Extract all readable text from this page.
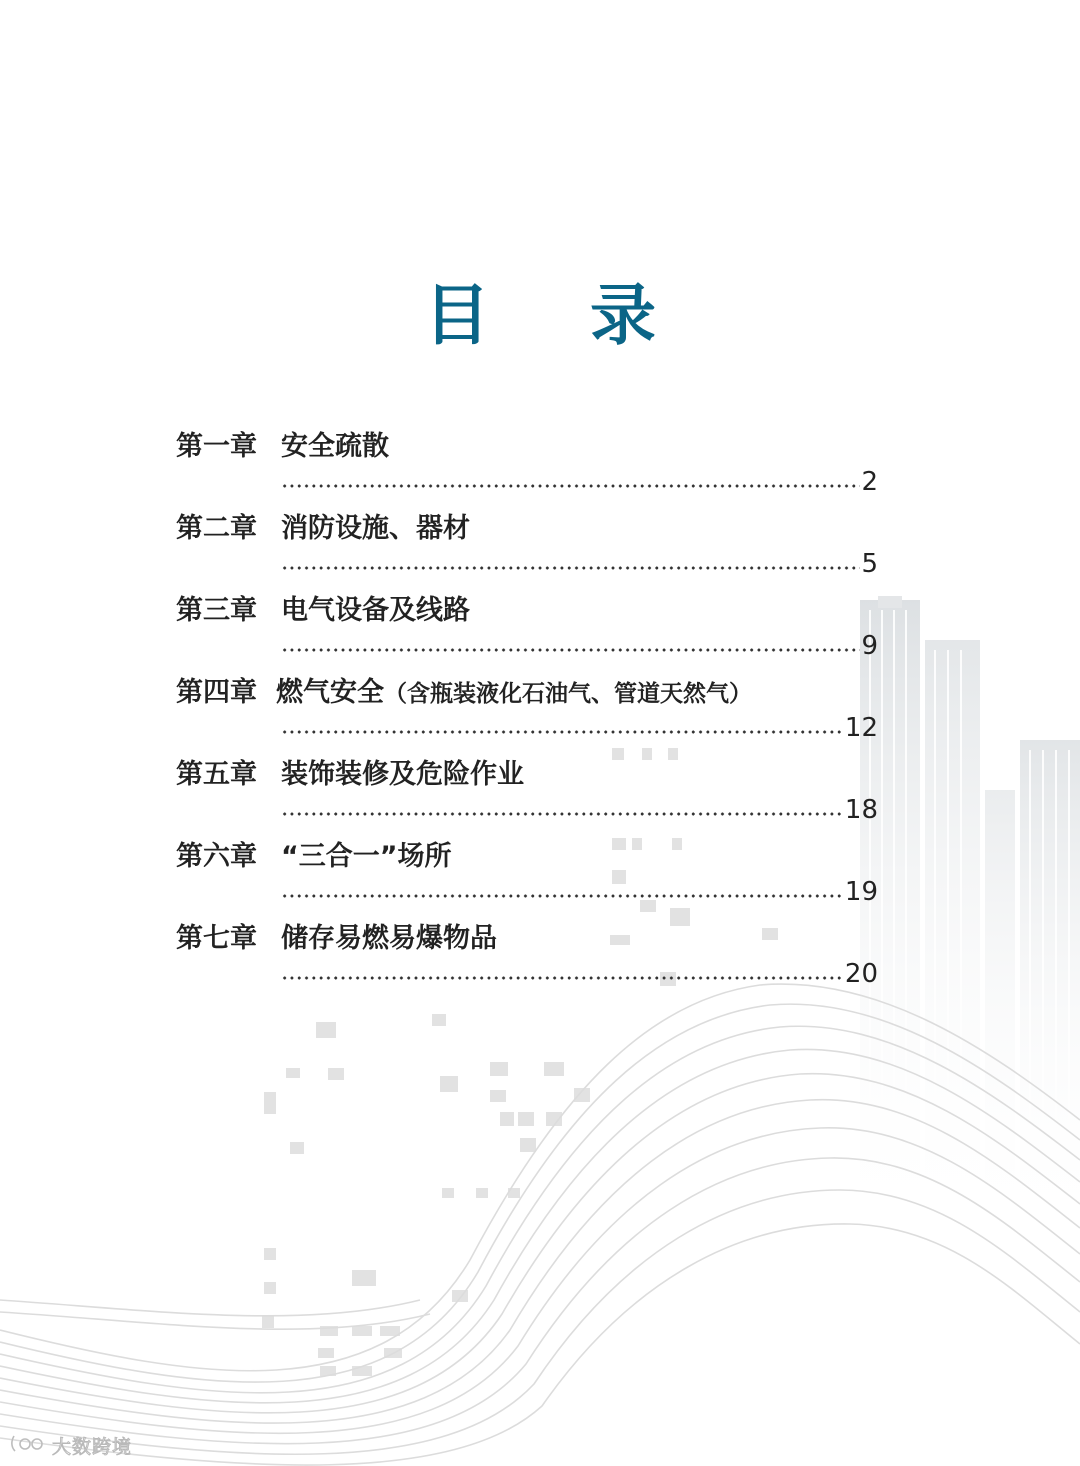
目 录
第一章 安全疏散
2
第二章 消防设施、器材
5
第三章 电气设备及线路
9
第四章 燃气安全（含瓶装液化石油气、管道天然气）
12
第五章 装饰装修及危险作业
18
第六章 “三合一”场所
19
第七章 储存易燃易爆物品
20
大数跨境
